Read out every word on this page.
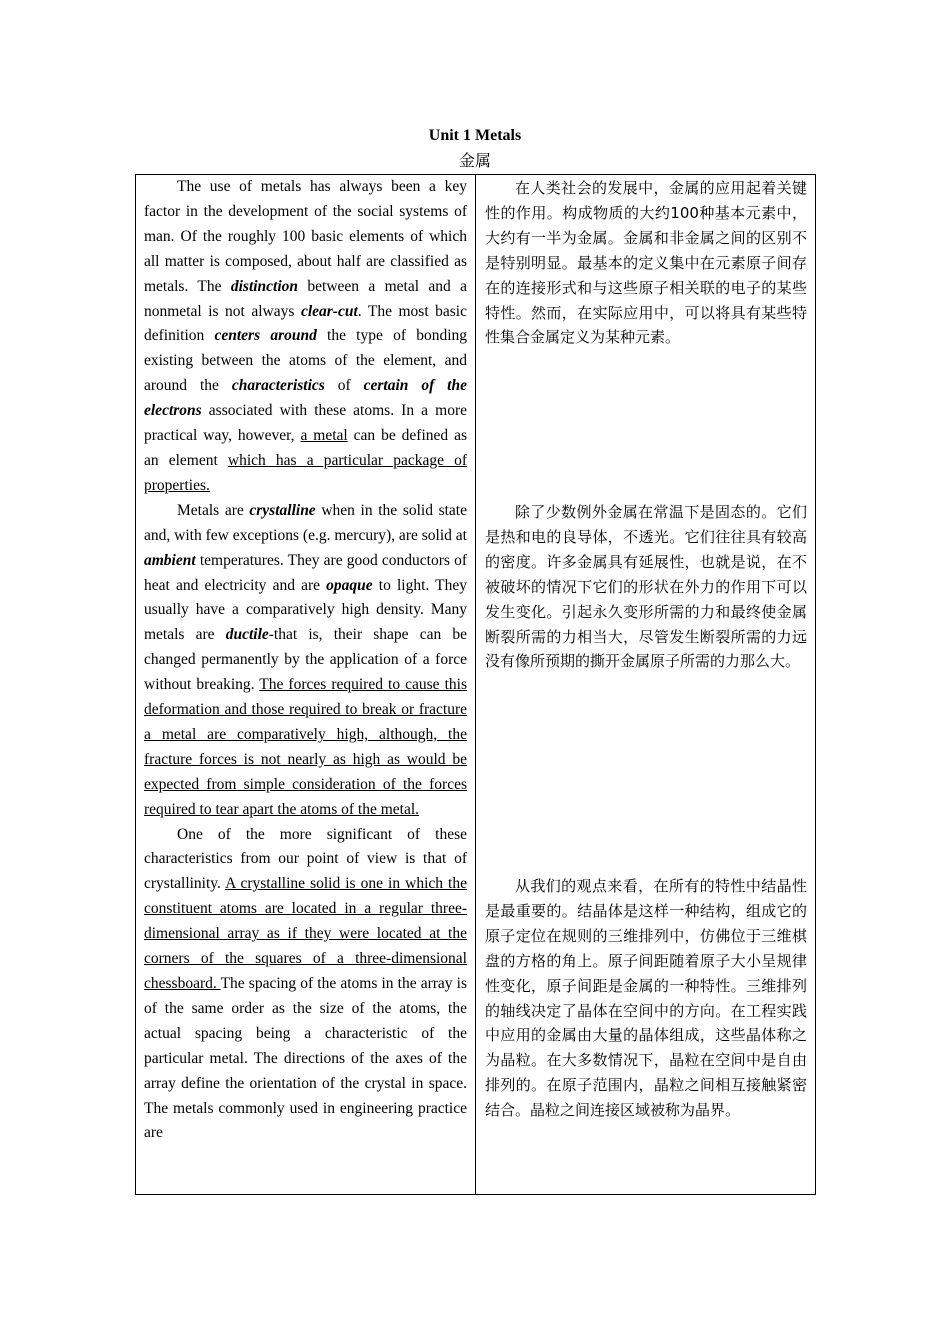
Unit 1 Metals
金属

The use of metals has always been a key factor in the development of the social systems of man. Of the roughly 100 basic elements of which all matter is composed, about half are classified as metals. The distinction between a metal and a nonmetal is not always clear-cut. The most basic definition centers around the type of bonding existing between the atoms of the element, and around the characteristics of certain of the electrons associated with these atoms. In a more practical way, however, a metal can be defined as an element which has a particular package of properties.

Metals are crystalline when in the solid state and, with few exceptions (e.g. mercury), are solid at ambient temperatures. They are good conductors of heat and electricity and are opaque to light. They usually have a comparatively high density. Many metals are ductile-that is, their shape can be changed permanently by the application of a force without breaking. The forces required to cause this deformation and those required to break or fracture a metal are comparatively high, although, the fracture forces is not nearly as high as would be expected from simple consideration of the forces required to tear apart the atoms of the metal.

One of the more significant of these characteristics from our point of view is that of crystallinity. A crystalline solid is one in which the constituent atoms are located in a regular three-dimensional array as if they were located at the corners of the squares of a three-dimensional chessboard. The spacing of the atoms in the array is of the same order as the size of the atoms, the actual spacing being a characteristic of the particular metal. The directions of the axes of the array define the orientation of the crystal in space. The metals commonly used in engineering practice are

在人类社会的发展中，金属的应用起着关键性的作用。构成物质的大约100种基本元素中，大约有一半为金属。金属和非金属之间的区别不是特别明显。最基本的定义集中在元素原子间存在的连接形式和与这些原子相关联的电子的某些特性。然而，在实际应用中，可以将具有某些特性集合金属定义为某种元素。

除了少数例外金属在常温下是固态的。它们是热和电的良导体，不透光。它们往往具有较高的密度。许多金属具有延展性，也就是说，在不被破坏的情况下它们的形状在外力的作用下可以发生变化。引起永久变形所需的力和最终使金属断裂所需的力相当大，尽管发生断裂所需的力远没有像所预期的撕开金属原子所需的力那么大。

从我们的观点来看，在所有的特性中结晶性是最重要的。结晶体是这样一种结构，组成它的原子定位在规则的三维排列中，仿佛位于三维棋盘的方格的角上。原子间距随着原子大小呈规律性变化，原子间距是金属的一种特性。三维排列的轴线决定了晶体在空间中的方向。在工程实践中应用的金属由大量的晶体组成，这些晶体称之为晶粒。在大多数情况下，晶粒在空间中是自由排列的。在原子范围内，晶粒之间相互接触紧密结合。晶粒之间连接区域被称为晶界。
